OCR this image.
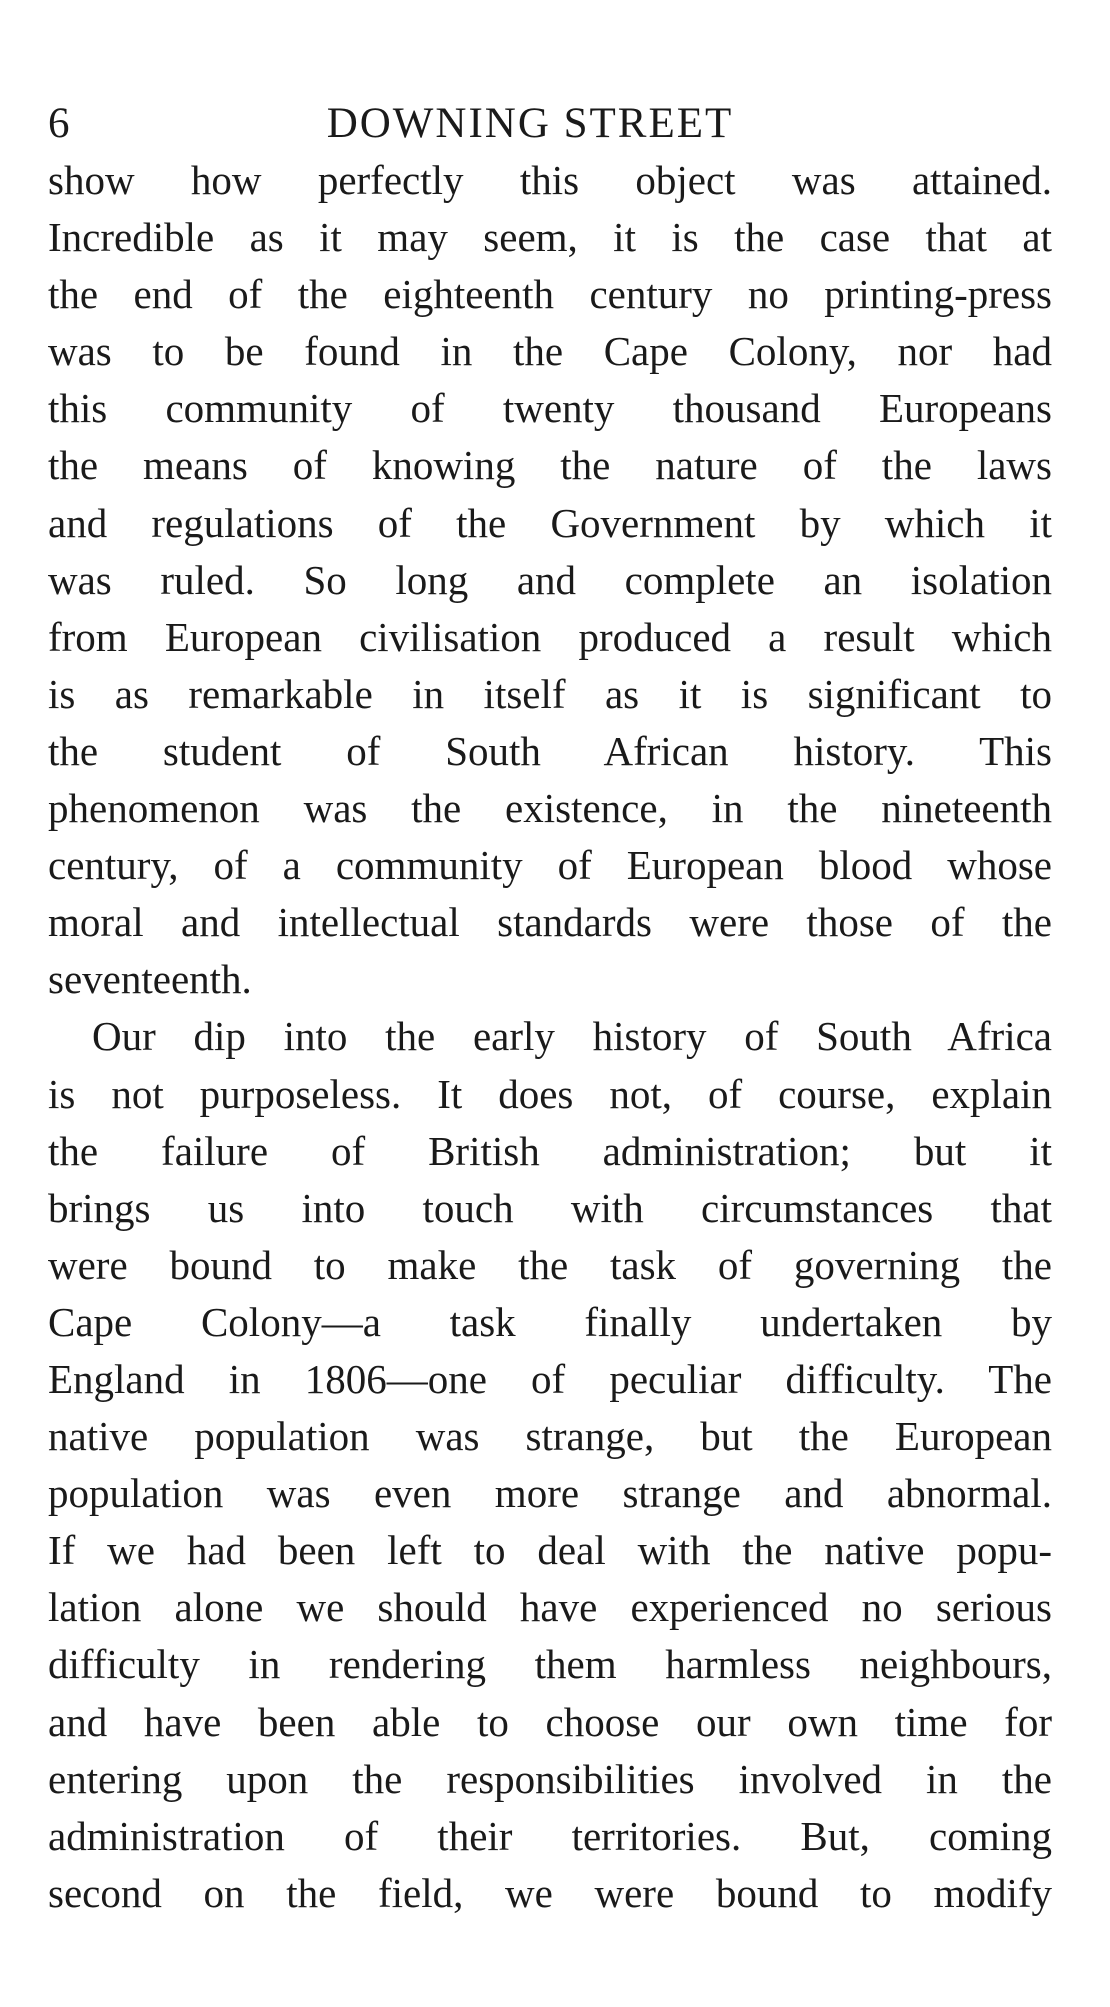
6	DOWNING STREET
show how perfectly this object was attained.
Incredible as it may seem, it is the case that at
the end of the eighteenth century no printing-press
was to be found in the Cape Colony, nor had
this community of twenty thousand Europeans
the means of knowing the nature of the laws
and regulations of the Government by which it
was ruled. So long and complete an isolation
from European civilisation produced a result which
is as remarkable in itself as it is significant to
the student of South African history. This
phenomenon was the existence, in the nineteenth
century, of a community of European blood whose
moral and intellectual standards were those of the
seventeenth.
Our dip into the early history of South Africa
is not purposeless. It does not, of course, explain
the failure of British administration; but it
brings us into touch with circumstances that
were bound to make the task of governing the
Cape Colony—a task finally undertaken by
England in 1806—one of peculiar difficulty. The
native population was strange, but the European
population was even more strange and abnormal.
If we had been left to deal with the native popu-
lation alone we should have experienced no serious
difficulty in rendering them harmless neighbours,
and have been able to choose our own time for
entering upon the responsibilities involved in the
administration of their territories. But, coming
second on the field, we were bound to modify
